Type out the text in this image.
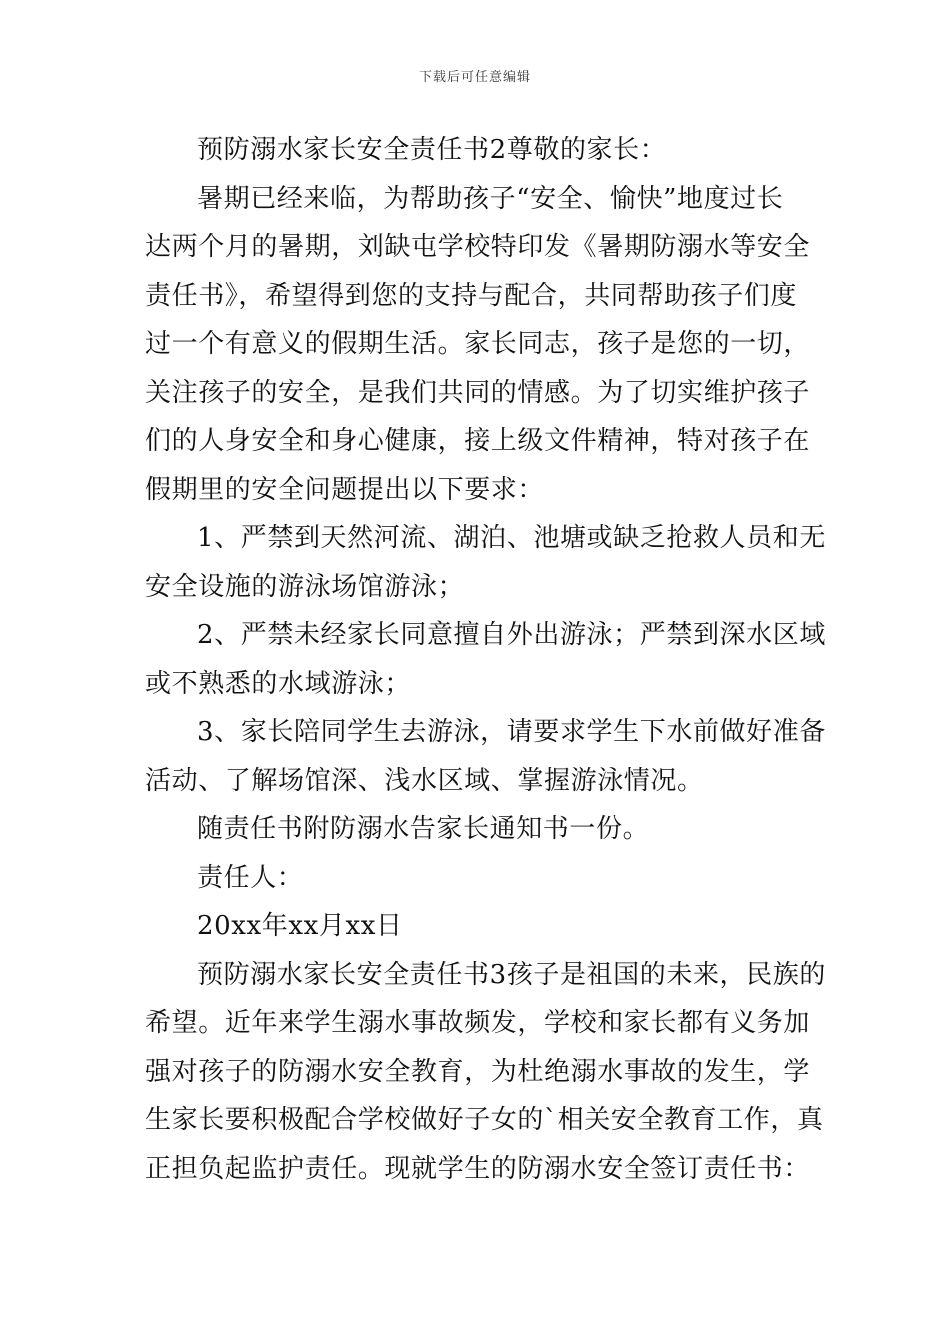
下载后可任意编辑

预防溺水家长安全责任书2尊敬的家长：

暑期已经来临，为帮助孩子“安全、愉快”地度过长
达两个月的暑期，刘缺屯学校特印发《暑期防溺水等安全
责任书》，希望得到您的支持与配合，共同帮助孩子们度
过一个有意义的假期生活。家长同志，孩子是您的一切，
关注孩子的安全，是我们共同的情感。为了切实维护孩子
们的人身安全和身心健康，接上级文件精神，特对孩子在
假期里的安全问题提出以下要求：

1、严禁到天然河流、湖泊、池塘或缺乏抢救人员和无
安全设施的游泳场馆游泳；

2、严禁未经家长同意擅自外出游泳；严禁到深水区域
或不熟悉的水域游泳；

3、家长陪同学生去游泳，请要求学生下水前做好准备
活动、了解场馆深、浅水区域、掌握游泳情况。

随责任书附防溺水告家长通知书一份。

责任人：

20xx年xx月xx日

预防溺水家长安全责任书3孩子是祖国的未来，民族的
希望。近年来学生溺水事故频发，学校和家长都有义务加
强对孩子的防溺水安全教育，为杜绝溺水事故的发生，学
生家长要积极配合学校做好子女的`相关安全教育工作，真
正担负起监护责任。现就学生的防溺水安全签订责任书：
